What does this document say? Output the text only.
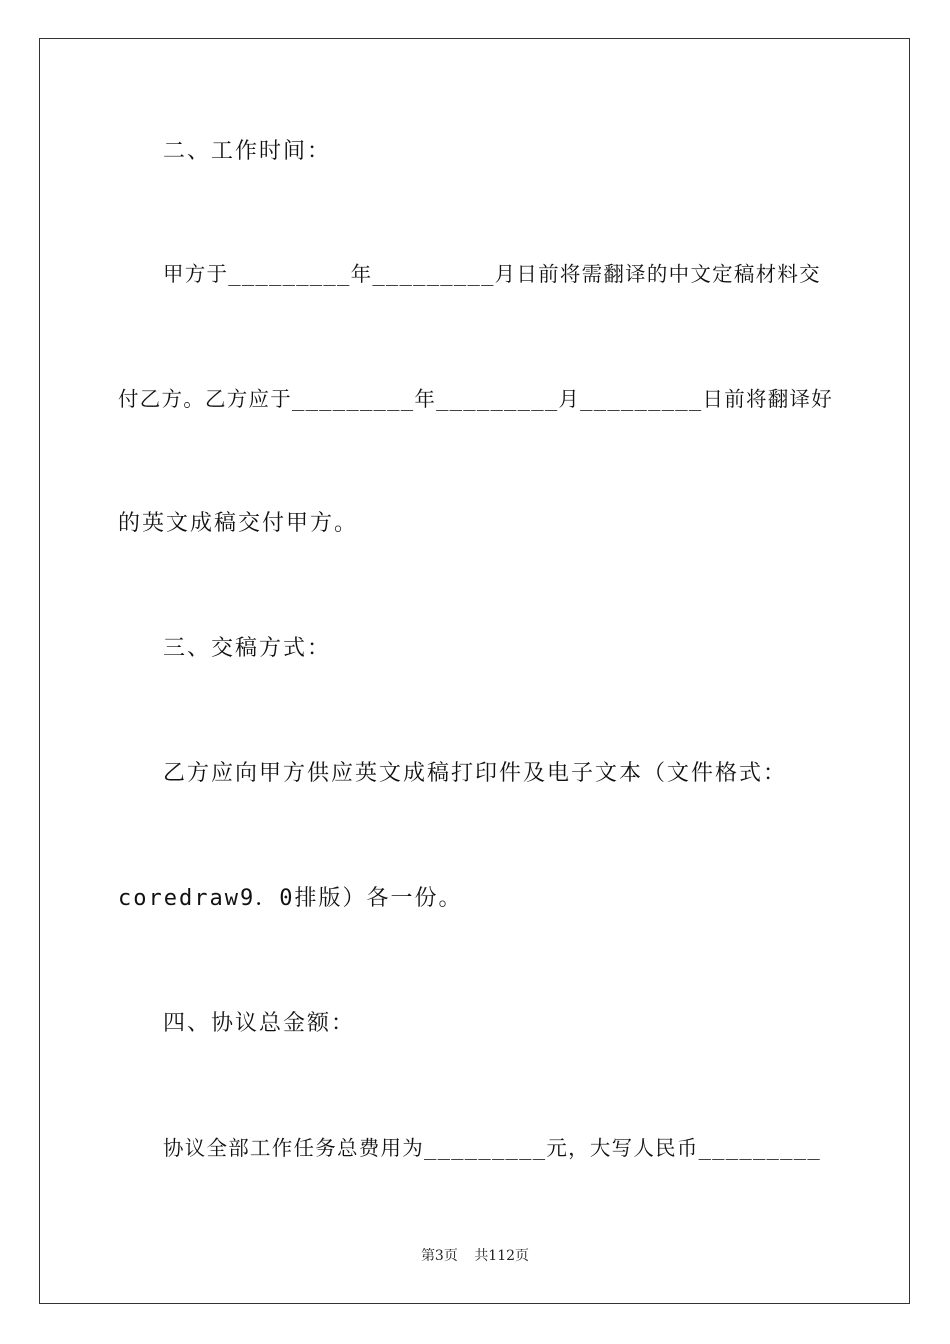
二、工作时间：
甲方于_________年_________月日前将需翻译的中文定稿材料交
付乙方。乙方应于_________年_________月_________日前将翻译好
的英文成稿交付甲方。
三、交稿方式：
乙方应向甲方供应英文成稿打印件及电子文本（文件格式：
coredraw9．0排版）各一份。
四、协议总金额：
协议全部工作任务总费用为_________元，大写人民币_________
第3页 共112页
